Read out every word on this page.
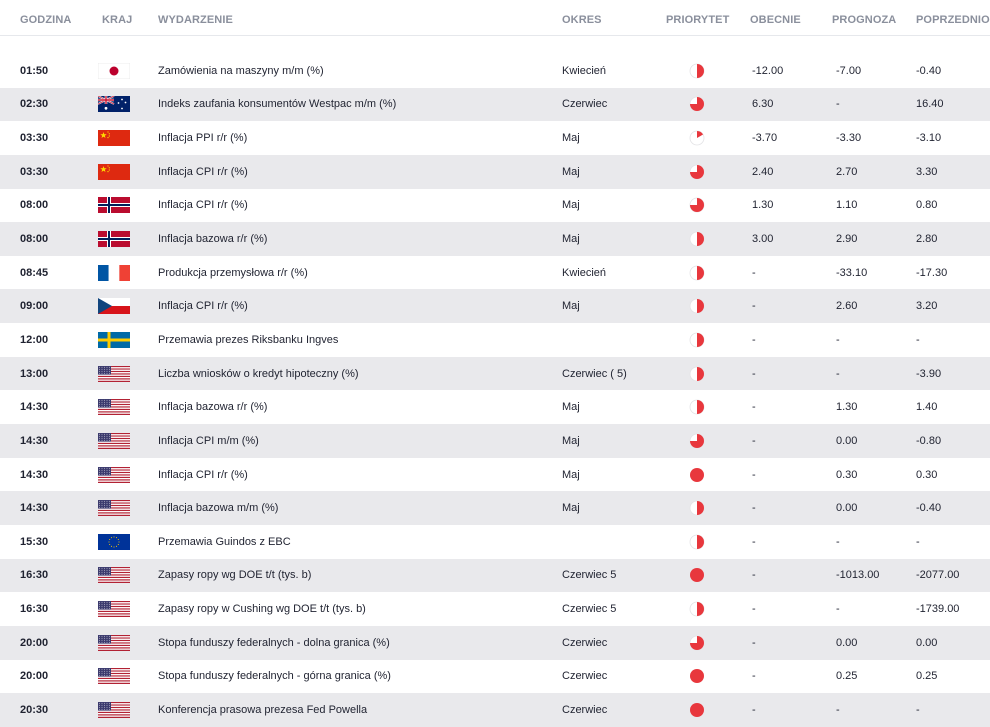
GODZINA	KRAJ WYDARZENIE	OKRES	PRIORYTET OBECNIE	PROGNOZA POPRZEDNIO
01:50	Zamówienia na maszyny m/m (%)	Kwiecień	-12.00	-7.00	-0.40
02:30	Indeks zaufania konsumentów Westpac m/m (%)	Czerwiec	6.30	-	16.40
03:30	Inflacja PPI r/r (%)	Maj	-3.70	-3.30	-3.10
03:30	Inflacja CPI r/r (%)	Maj	2.40	2.70	3.30
08:00	Inflacja CPI r/r (%)	Maj	1.30	1.10	0.80
08:00	Inflacja bazowa r/r (%)	Maj	3.00	2.90	2.80
08:45	Produkcja przemysłowa r/r (%)	Kwiecień	-	-33.10	-17.30
09:00	Inflacja CPI r/r (%)	Maj	-	2.60	3.20
12:00	Przemawia prezes Riksbanku Ingves	-	-	-
13:00	Liczba wniosków o kredyt hipoteczny (%)	Czerwiec ( 5)	-	-	-3.90
14:30	Inflacja bazowa r/r (%)	Maj	-	1.30	1.40
14:30	Inflacja CPI m/m (%)	Maj	-	0.00	-0.80
14:30	Inflacja CPI r/r (%)	Maj	-	0.30	0.30
14:30	Inflacja bazowa m/m (%)	Maj	-	0.00	-0.40
15:30	Przemawia Guindos z EBC	-	-	-
16:30	Zapasy ropy wg DOE t/t (tys. b)	Czerwiec 5	-	-1013.00	-2077.00
16:30	Zapasy ropy w Cushing wg DOE t/t (tys. b)	Czerwiec 5	-	-	-1739.00
20:00	Stopa funduszy federalnych - dolna granica (%)	Czerwiec	-	0.00	0.00
20:00	Stopa funduszy federalnych - górna granica (%)	Czerwiec	-	0.25	0.25
20:30	Konferencja prasowa prezesa Fed Powella	Czerwiec	-	-	-
